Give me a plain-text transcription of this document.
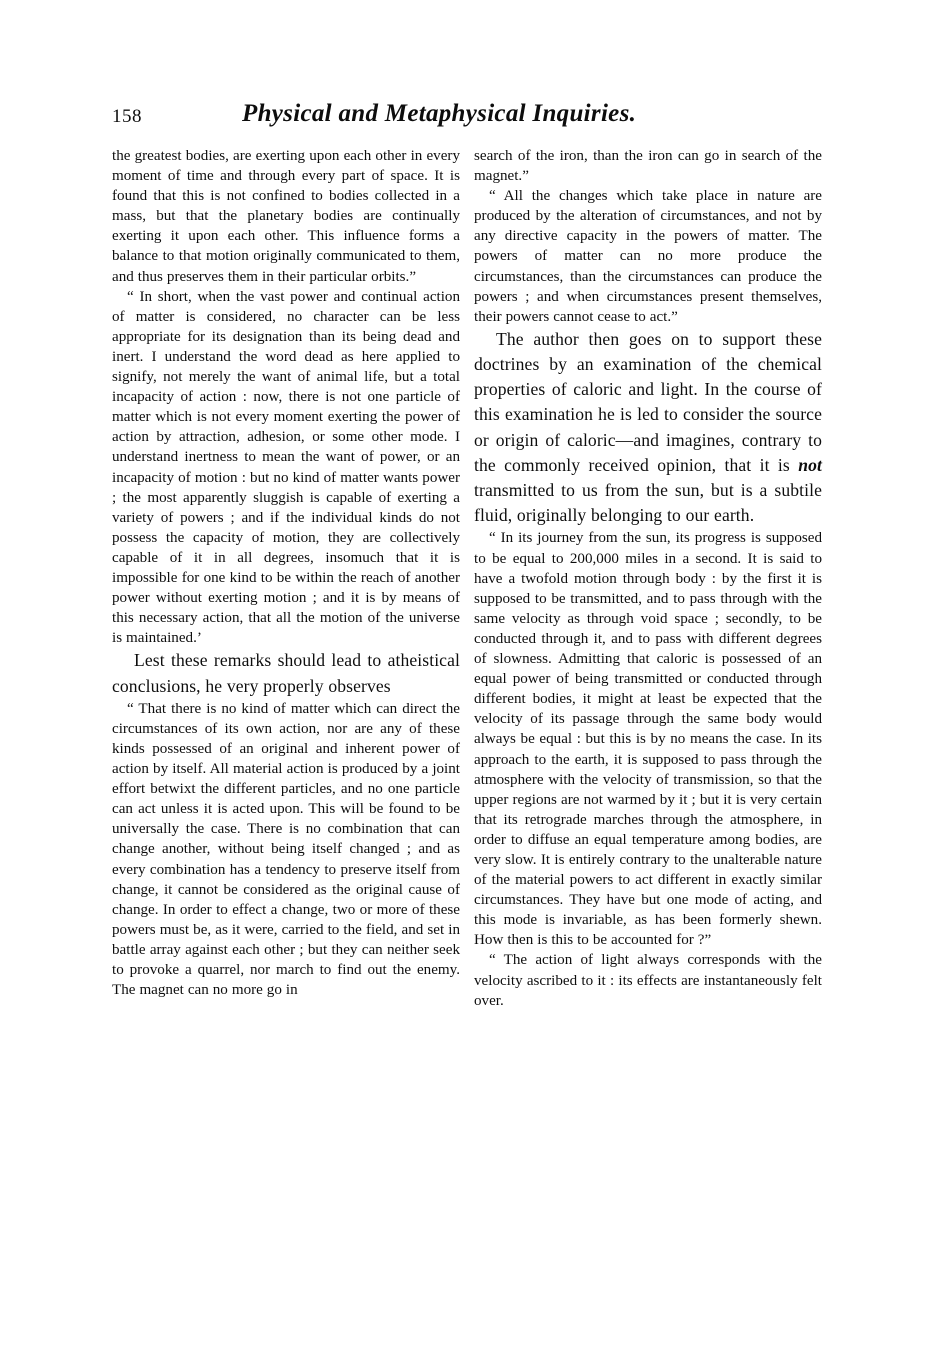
158	Physical and Metaphysical Inquiries.

the greatest bodies, are exerting upon each other in every moment of time and through every part of space. It is found that this is not confined to bodies collected in a mass, but that the planetary bodies are continually exerting it upon each other. This influence forms a balance to that motion originally communicated to them, and thus preserves them in their particular orbits.”

“ In short, when the vast power and continual action of matter is considered, no character can be less appropriate for its designation than its being dead and inert. I understand the word dead as here applied to signify, not merely the want of animal life, but a total incapacity of action : now, there is not one particle of matter which is not every moment exerting the power of action by attraction, adhesion, or some other mode. I understand inertness to mean the want of power, or an incapacity of motion : but no kind of matter wants power ; the most apparently sluggish is capable of exerting a variety of powers ; and if the individual kinds do not possess the capacity of motion, they are collectively capable of it in all degrees, insomuch that it is impossible for one kind to be within the reach of another power without exerting motion ; and it is by means of this necessary action, that all the motion of the universe is maintained.’

Lest these remarks should lead to atheistical conclusions, he very properly observes

“ That there is no kind of matter which can direct the circumstances of its own action, nor are any of these kinds possessed of an original and inherent power of action by itself. All material action is produced by a joint effort betwixt the different particles, and no one particle can act unless it is acted upon. This will be found to be universally the case. There is no combination that can change another, without being itself changed ; and as every combination has a tendency to preserve itself from change, it cannot be considered as the original cause of change. In order to effect a change, two or more of these powers must be, as it were, carried to the field, and set in battle array against each other ; but they can neither seek to provoke a quarrel, nor march to find out the enemy. The magnet can no more go in

search of the iron, than the iron can go in search of the magnet.”

“ All the changes which take place in nature are produced by the alteration of circumstances, and not by any directive capacity in the powers of matter. The powers of matter can no more produce the circumstances, than the circumstances can produce the powers ; and when circumstances present themselves, their powers cannot cease to act.”

The author then goes on to support these doctrines by an examination of the chemical properties of caloric and light. In the course of this examination he is led to consider the source or origin of caloric—and imagines, contrary to the commonly received opinion, that it is not transmitted to us from the sun, but is a subtile fluid, originally belonging to our earth.

“ In its journey from the sun, its progress is supposed to be equal to 200,000 miles in a second. It is said to have a twofold motion through body : by the first it is supposed to be transmitted, and to pass through with the same velocity as through void space ; secondly, to be conducted through it, and to pass with different degrees of slowness. Admitting that caloric is possessed of an equal power of being transmitted or conducted through different bodies, it might at least be expected that the velocity of its passage through the same body would always be equal : but this is by no means the case. In its approach to the earth, it is supposed to pass through the atmosphere with the velocity of transmission, so that the upper regions are not warmed by it ; but it is very certain that its retrograde marches through the atmosphere, in order to diffuse an equal temperature among bodies, are very slow. It is entirely contrary to the unalterable nature of the material powers to act different in exactly similar circumstances. They have but one mode of acting, and this mode is invariable, as has been formerly shewn. How then is this to be accounted for ?”

“ The action of light always corresponds with the velocity ascribed to it : its effects are instantaneously felt over.
